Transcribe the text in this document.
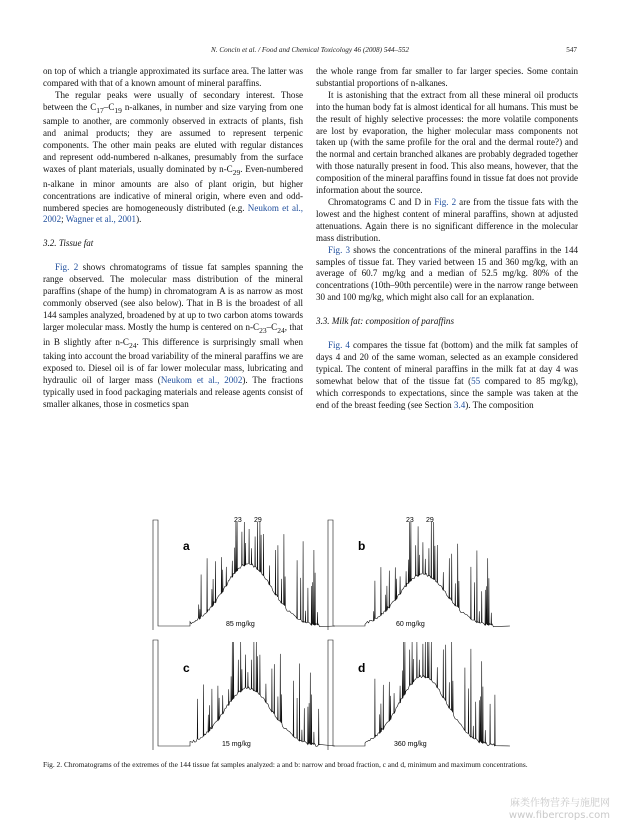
N. Concin et al. / Food and Chemical Toxicology 46 (2008) 544–552	547

on top of which a triangle approximated its surface area. The latter was compared with that of a known amount of mineral paraffins.

The regular peaks were usually of secondary interest. Those between the $C_{17}-C_{19}$ n-alkanes, in number and size varying from one sample to another, are commonly observed in extracts of plants, fish and animal products; they are assumed to represent terpenic components. The other main peaks are eluted with regular distances and represent odd-numbered n-alkanes, presumably from the surface waxes of plant materials, usually dominated by $n-C_{29}$. Even-numbered n-alkane in minor amounts are also of plant origin, but higher concentrations are indicative of mineral origin, where even and odd-numbered species are homogeneously distributed (e.g. Neukom et al., 2002; Wagner et al., 2001).

3.2. Tissue fat

Fig. 2 shows chromatograms of tissue fat samples spanning the range observed. The molecular mass distribution of the mineral paraffins (shape of the hump) in chromatogram A is as narrow as most commonly observed (see also below). That in B is the broadest of all 144 samples analyzed, broadened by at up to two carbon atoms towards larger molecular mass. Mostly the hump is centered on $n-C_{23}-C_{24}$, that in B slightly after $n-C_{24}$. This difference is surprisingly small when taking into account the broad variability of the mineral paraffins we are exposed to. Diesel oil is of far lower molecular mass, lubricating and hydraulic oil of larger mass (Neukom et al., 2002). The fractions typically used in food packaging materials and release agents consist of smaller alkanes, those in cosmetics span

the whole range from far smaller to far larger species. Some contain substantial proportions of n-alkanes.

It is astonishing that the extract from all these mineral oil products into the human body fat is almost identical for all humans. This must be the result of highly selective processes: the more volatile components are lost by evaporation, the higher molecular mass components not taken up (with the same profile for the oral and the dermal route?) and the normal and certain branched alkanes are probably degraded together with those naturally present in food. This also means, however, that the composition of the mineral paraffins found in tissue fat does not provide information about the source.

Chromatograms C and D in Fig. 2 are from the tissue fats with the lowest and the highest content of mineral paraffins, shown at adjusted attenuations. Again there is no significant difference in the molecular mass distribution.

Fig. 3 shows the concentrations of the mineral paraffins in the 144 samples of tissue fat. They varied between 15 and 360 mg/kg, with an average of 60.7 mg/kg and a median of 52.5 mg/kg. 80% of the concentrations (10th–90th percentile) were in the narrow range between 30 and 100 mg/kg, which might also call for an explanation.

3.3. Milk fat: composition of paraffins

Fig. 4 compares the tissue fat (bottom) and the milk fat samples of days 4 and 20 of the same woman, selected as an example considered typical. The content of mineral paraffins in the milk fat at day 4 was somewhat below that of the tissue fat (55 compared to 85 mg/kg), which corresponds to expectations, since the sample was taken at the end of the breast feeding (see Section 3.4). The composition

a
85 mg/kg
23 29
b
60 mg/kg
23 29
c
15 mg/kg
d
360 mg/kg
Fig. 2. Chromatograms of the extremes of the 144 tissue fat samples analyzed: a and b: narrow and broad fraction, c and d, minimum and maximum concentrations.
麻类作物营养与施肥网
www.fibercrops.com
